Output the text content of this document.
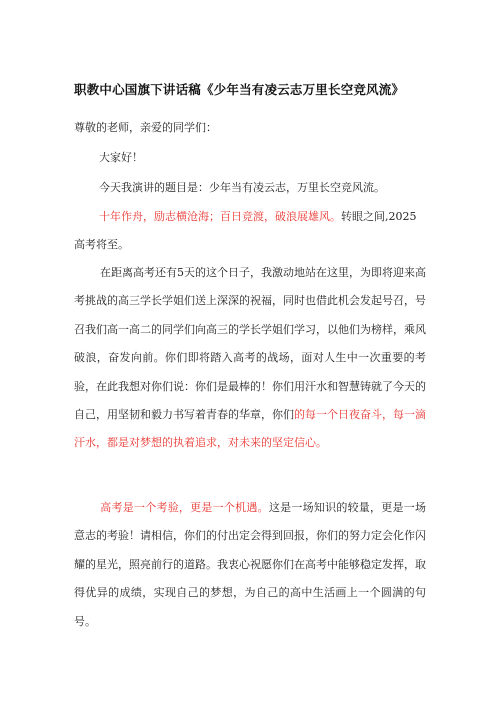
职教中心国旗下讲话稿《少年当有凌云志万里长空竞风流》
尊敬的老师，亲爱的同学们：
大家好！
今天我演讲的题目是：少年当有凌云志，万里长空竞风流。
十年作舟，励志横沧海；百日竞渡，破浪展雄风。转眼之间,2025
高考将至。
在距离高考还有5天的这个日子，我激动地站在这里，为即将迎来高考挑战的高三学长学姐们送上深深的祝福，同时也借此机会发起号召，号召我们高一高二的同学们向高三的学长学姐们学习，以他们为榜样，乘风破浪，奋发向前。你们即将踏入高考的战场，面对人生中一次重要的考验，在此我想对你们说：你们是最棒的！你们用汗水和智慧铸就了今天的自己，用坚韧和毅力书写着青春的华章，你们的每一个日夜奋斗，每一滴汗水，都是对梦想的执着追求，对未来的坚定信心。
高考是一个考验，更是一个机遇。这是一场知识的较量，更是一场意志的考验！请相信，你们的付出定会得到回报，你们的努力定会化作闪耀的星光，照亮前行的道路。我衷心祝愿你们在高考中能够稳定发挥，取得优异的成绩，实现自己的梦想，为自己的高中生活画上一个圆满的句号。
